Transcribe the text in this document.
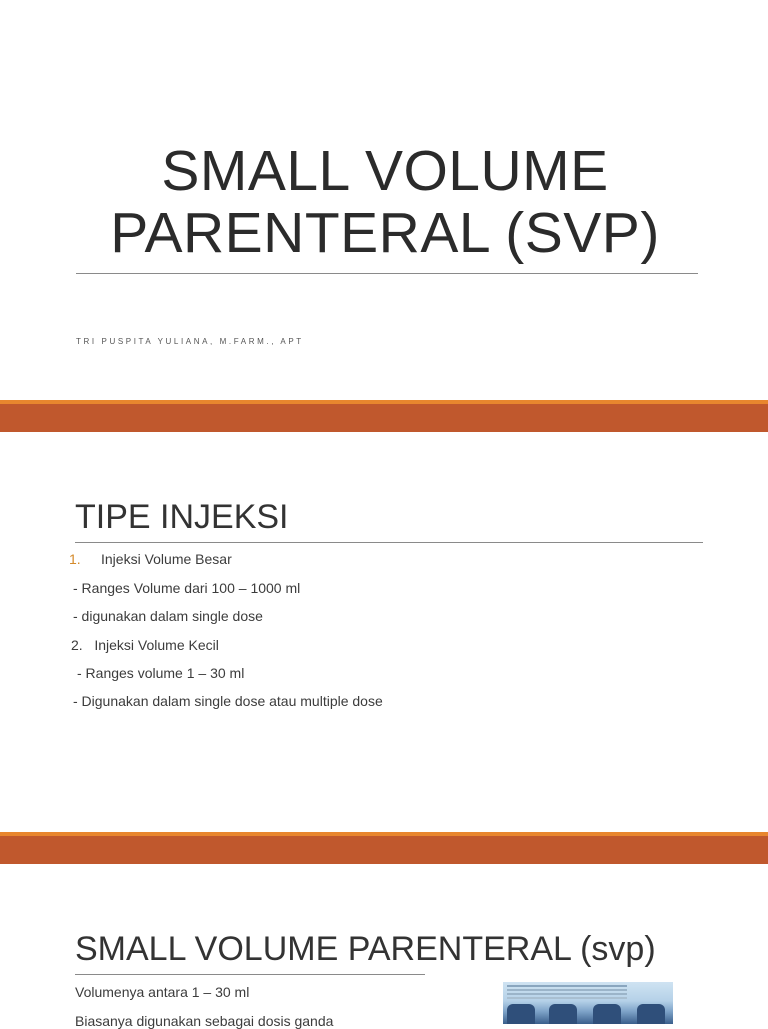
SMALL VOLUME
PARENTERAL (SVP)
TRI PUSPITA YULIANA, M.FARM., APT
TIPE INJEKSI
1. Injeksi Volume Besar
- Ranges Volume dari 100 – 1000 ml
- digunakan dalam single dose
2.   Injeksi Volume Kecil
- Ranges volume 1 – 30 ml
- Digunakan dalam single dose atau multiple dose
SMALL VOLUME PARENTERAL (svp)
Volumenya antara 1 – 30 ml
Biasanya digunakan sebagai dosis ganda
